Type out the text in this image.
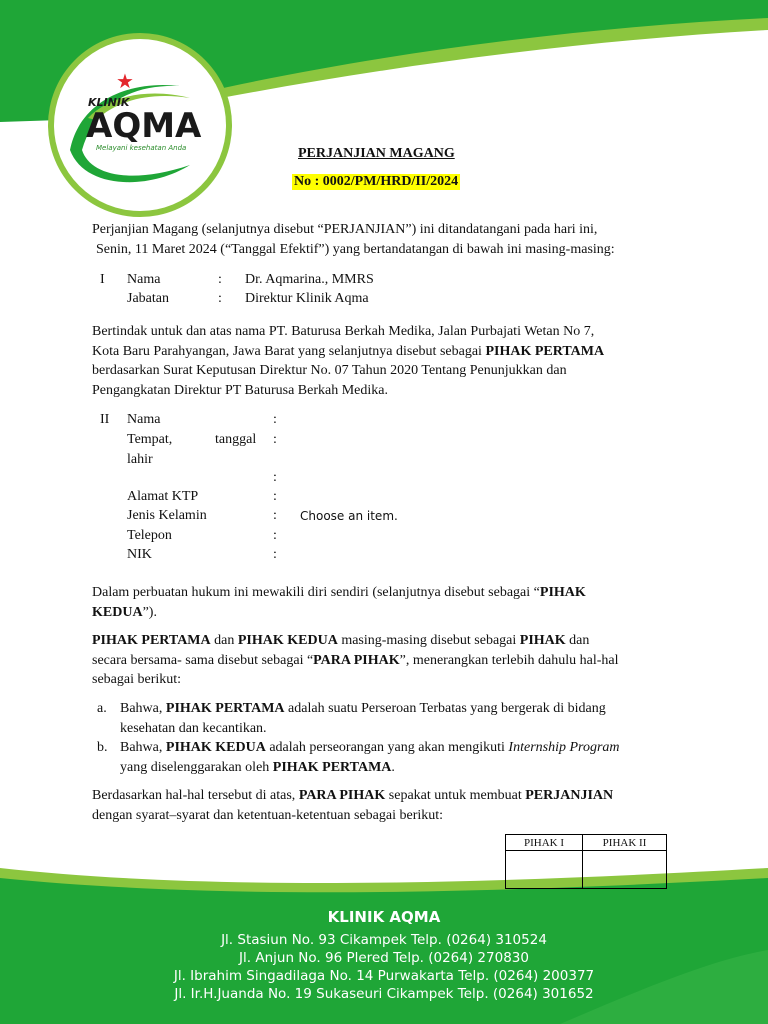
★
KLINIK
AQMA
Melayani kesehatan Anda	PERJANJIAN MAGANG
No : 0002/PM/HRD/II/2024
Perjanjian Magang (selanjutnya disebut “PERJANJIAN”) ini ditandatangani pada hari ini,
Senin, 11 Maret 2024 (“Tanggal Efektif”) yang bertandatangan di bawah ini masing-masing:
I Nama	: Dr. Aqmarina., MMRS
Jabatan	: Direktur Klinik Aqma
Bertindak untuk dan atas nama PT. Baturusa Berkah Medika, Jalan Purbajati Wetan No 7,
Kota Baru Parahyangan, Jawa Barat yang selanjutnya disebut sebagai PIHAK PERTAMA
berdasarkan Surat Keputusan Direktur No. 07 Tahun 2020 Tentang Penunjukkan dan
Pengangkatan Direktur PT Baturusa Berkah Medika.
II Nama	:
Tempat,	tanggal :
lahir
:
Alamat KTP	:
Jenis Kelamin	: Choose an item.
Telepon	:
NIK	:
Dalam perbuatan hukum ini mewakili diri sendiri (selanjutnya disebut sebagai “PIHAK
KEDUA”).
PIHAK PERTAMA dan PIHAK KEDUA masing-masing disebut sebagai PIHAK dan
secara bersama- sama disebut sebagai “PARA PIHAK”, menerangkan terlebih dahulu hal-hal
sebagai berikut:
a. Bahwa, PIHAK PERTAMA adalah suatu Perseroan Terbatas yang bergerak di bidang
kesehatan dan kecantikan.
b. Bahwa, PIHAK KEDUA adalah perseorangan yang akan mengikuti Internship Program
yang diselenggarakan oleh PIHAK PERTAMA.
Berdasarkan hal-hal tersebut di atas, PARA PIHAK sepakat untuk membuat PERJANJIAN
dengan syarat–syarat dan ketentuan-ketentuan sebagai berikut:
PIHAK I	PIHAK II

KLINIK AQMA
Jl. Stasiun No. 93 Cikampek Telp. (0264) 310524
Jl. Anjun No. 96 Plered Telp. (0264) 270830
Jl. Ibrahim Singadilaga No. 14 Purwakarta Telp. (0264) 200377
Jl. Ir.H.Juanda No. 19 Sukaseuri Cikampek Telp. (0264) 301652
